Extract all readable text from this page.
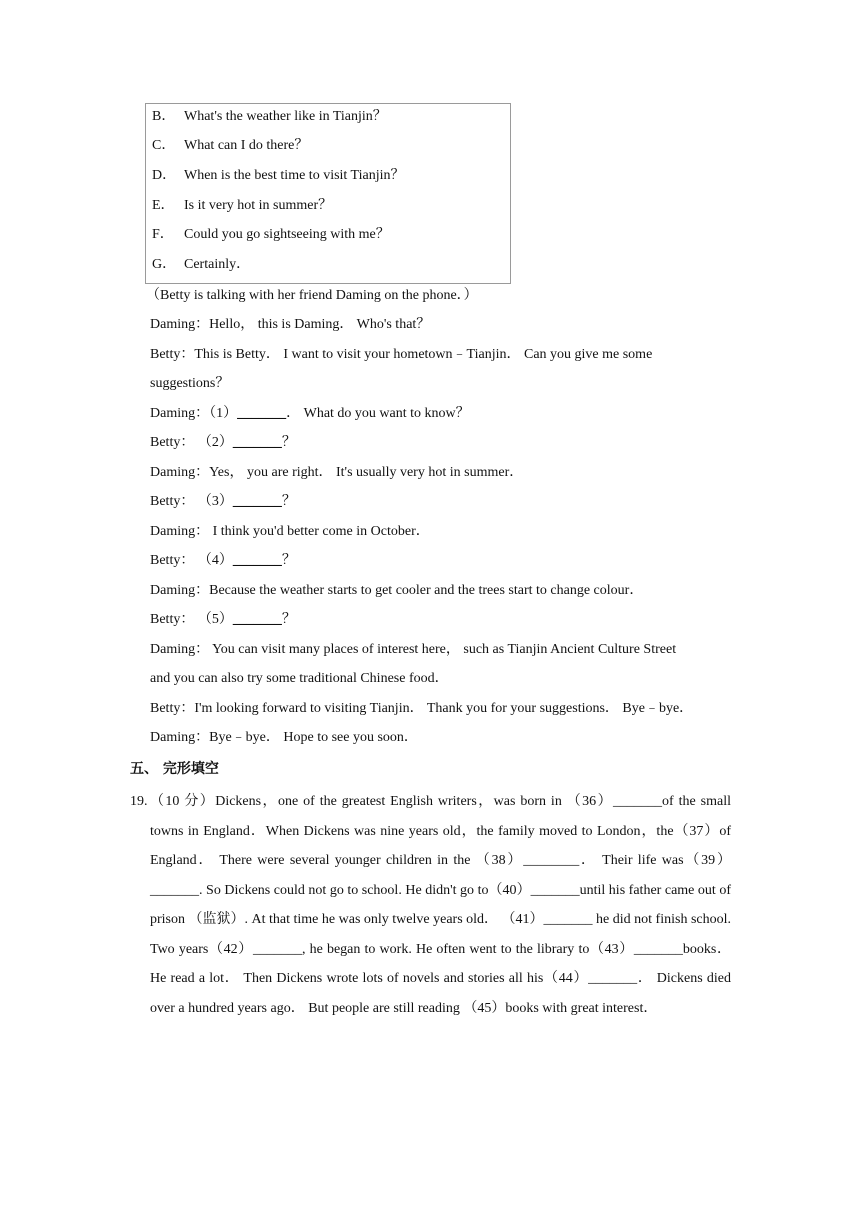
B． What's the weather like in Tianjin？
C． What can I do there？
D． When is the best time to visit Tianjin？
E． Is it very hot in summer？
F． Could you go sightseeing with me？
G． Certainly．
（Betty is talking with her friend Daming on the phone．）
Daming：Hello， this is Daming． Who's that？
Betty：This is Betty． I want to visit your hometown﹣Tianjin． Can you give me some
suggestions？
Daming：（1）_______． What do you want to know？
Betty： （2）_______？
Daming：Yes， you are right． It's usually very hot in summer．
Betty： （3）_______？
Daming： I think you'd better come in October．
Betty： （4）_______？
Daming：Because the weather starts to get cooler and the trees start to change colour．
Betty： （5）_______？
Daming： You can visit many places of interest here， such as Tianjin Ancient Culture Street
and you can also try some traditional Chinese food．
Betty：I'm looking forward to visiting Tianjin． Thank you for your suggestions． Bye﹣bye．
Daming：Bye﹣bye． Hope to see you soon．
五、 完形填空
19. （10 分）Dickens，one of the greatest English writers，was born in （36）_______of the small towns in England．When Dickens was nine years old，the family moved to London，the（37）of England． There were several younger children in the （38）________． Their life was（39）_______. So Dickens could not go to school. He didn't go to（40）_______until his father came out of prison （监狱）. At that time he was only twelve years old． （41）_______ he did not finish school. Two years（42）_______, he began to work. He often went to the library to（43）_______books． He read a lot． Then Dickens wrote lots of novels and stories all his（44）_______． Dickens died over a hundred years ago． But people are still reading （45）books with great interest．
